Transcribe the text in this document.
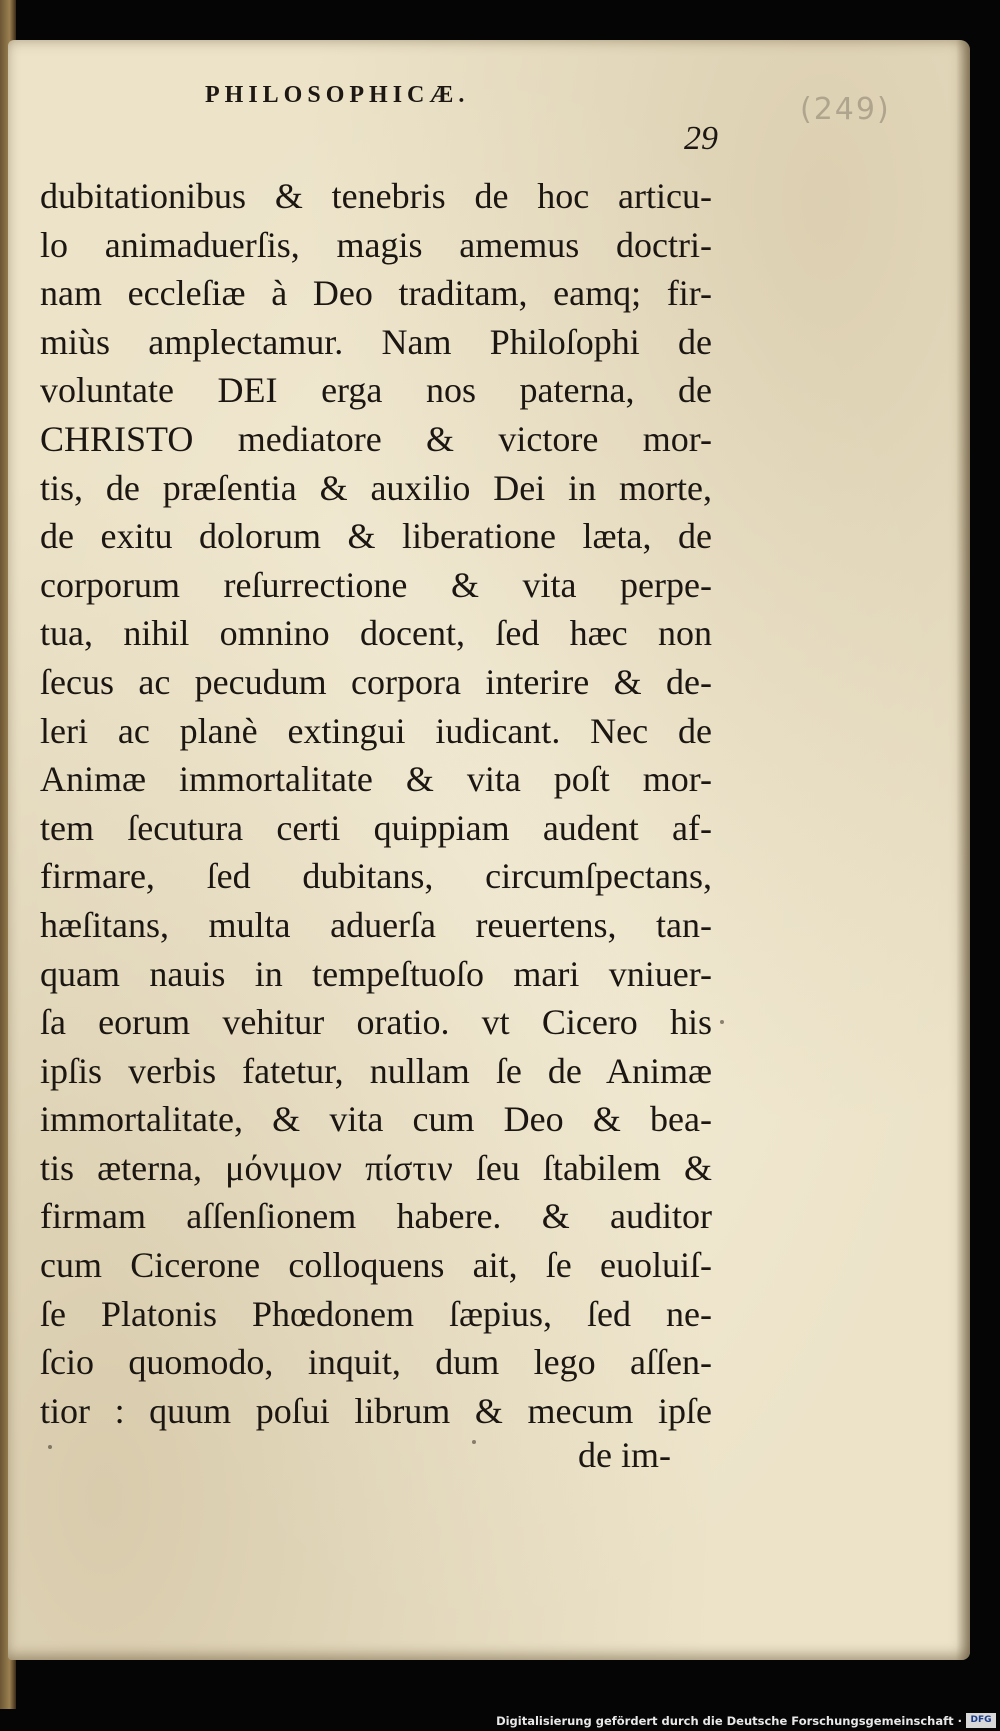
PHILOSOPHICÆ.
29
(249)
dubitationibus & tenebris de hoc articu-
lo animaduerſis, magis amemus doctri-
nam eccleſiæ à Deo traditam, eamq; fir-
miùs amplectamur. Nam Philoſophi de
voluntate DEI erga nos paterna, de
CHRISTO mediatore & victore mor-
tis, de præſentia & auxilio Dei in morte,
de exitu dolorum & liberatione læta, de
corporum reſurrectione & vita perpe-
tua, nihil omnino docent, ſed hæc non
ſecus ac pecudum corpora interire & de-
leri ac planè extingui iudicant. Nec de
Animæ immortalitate & vita poſt mor-
tem ſecutura certi quippiam audent af-
firmare, ſed dubitans, circumſpectans,
hæſitans, multa aduerſa reuertens, tan-
quam nauis in tempeſtuoſo mari vniuer-
ſa eorum vehitur oratio. vt Cicero his
ipſis verbis fatetur, nullam ſe de Animæ
immortalitate, & vita cum Deo & bea-
tis æterna, μόνιμον πίστιν ſeu ſtabilem &
firmam aſſenſionem habere. & auditor
cum Cicerone colloquens ait, ſe euoluiſ-
ſe Platonis Phœdonem ſæpius, ſed ne-
ſcio quomodo, inquit, dum lego aſſen-
tior : quum poſui librum & mecum ipſe
de im-
Digitalisierung gefördert durch die Deutsche Forschungsgemeinschaft · DFG
